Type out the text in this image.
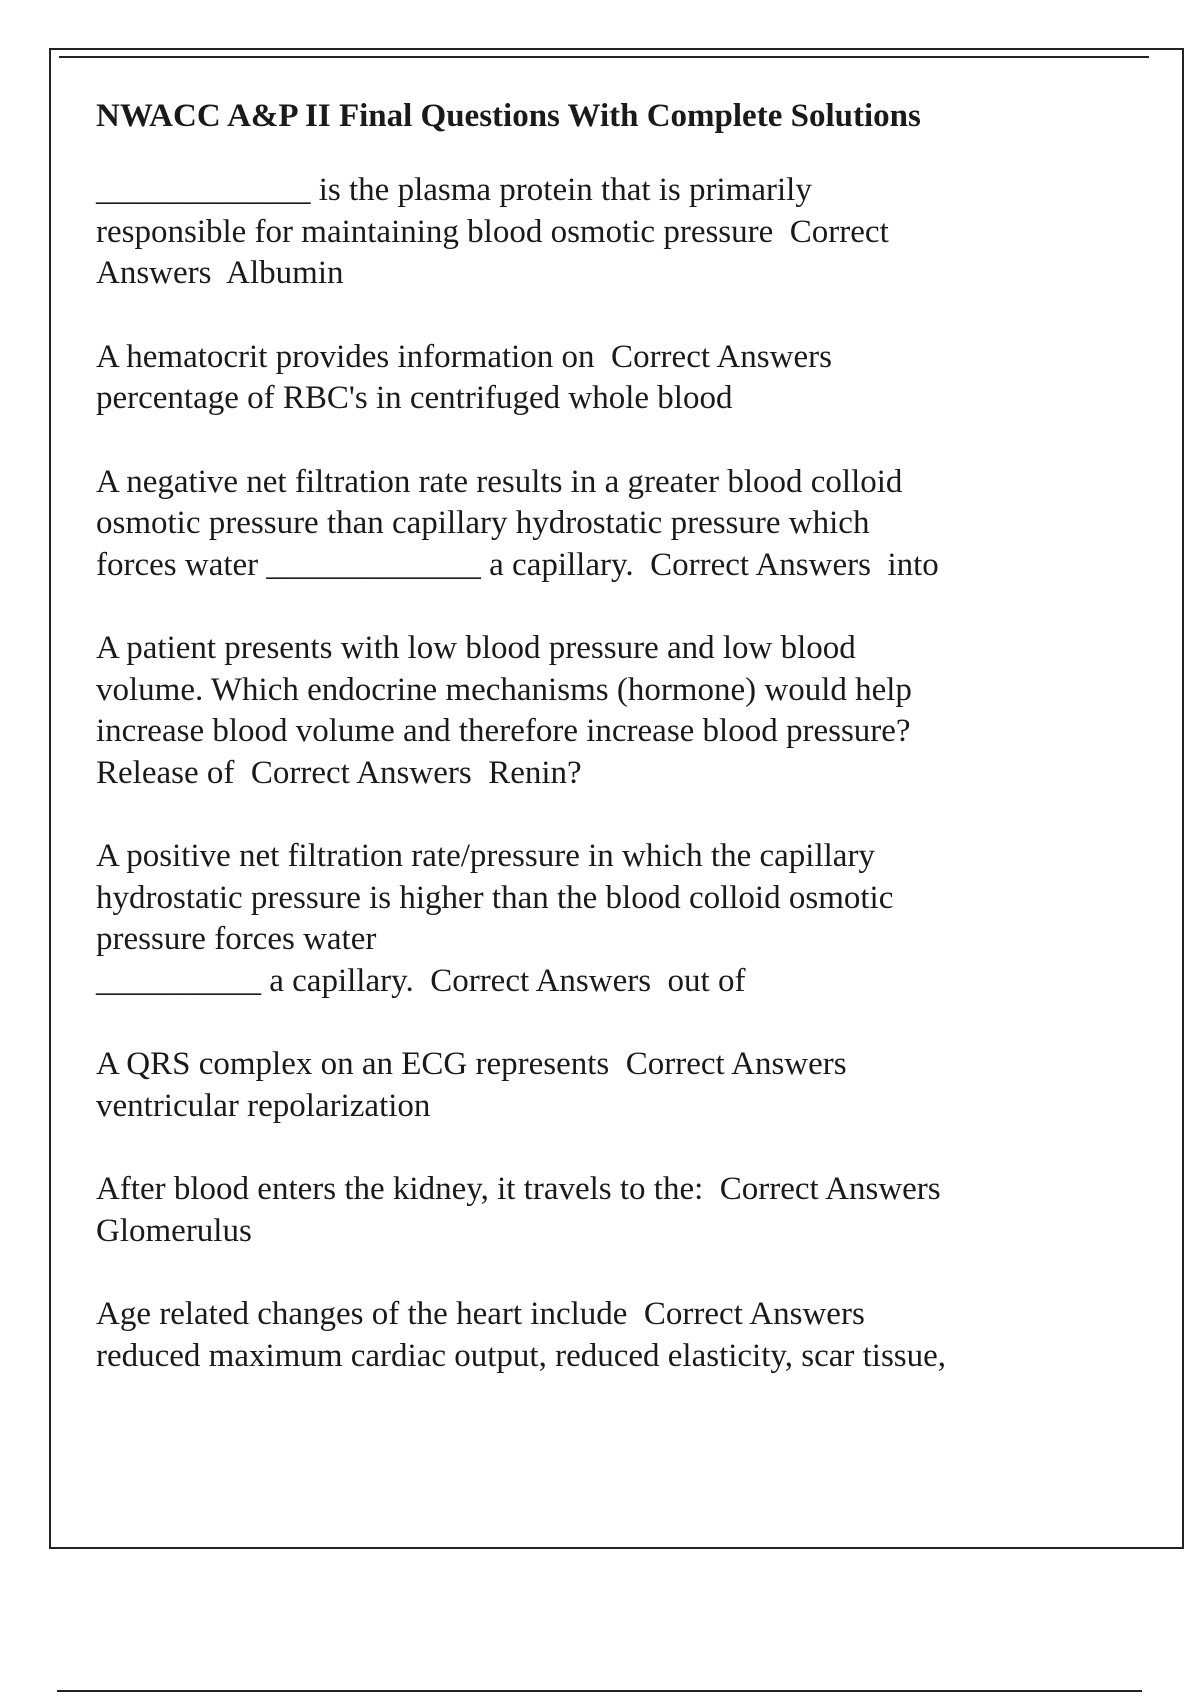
NWACC A&P II Final Questions With Complete Solutions
_____________ is the plasma protein that is primarily
responsible for maintaining blood osmotic pressure  Correct
Answers  Albumin
A hematocrit provides information on  Correct Answers
percentage of RBC's in centrifuged whole blood
A negative net filtration rate results in a greater blood colloid
osmotic pressure than capillary hydrostatic pressure which
forces water _____________ a capillary.  Correct Answers  into
A patient presents with low blood pressure and low blood
volume. Which endocrine mechanisms (hormone) would help
increase blood volume and therefore increase blood pressure?
Release of  Correct Answers  Renin?
A positive net filtration rate/pressure in which the capillary
hydrostatic pressure is higher than the blood colloid osmotic
pressure forces water
__________ a capillary.  Correct Answers  out of
A QRS complex on an ECG represents  Correct Answers
ventricular repolarization
After blood enters the kidney, it travels to the:  Correct Answers
Glomerulus
Age related changes of the heart include  Correct Answers
reduced maximum cardiac output, reduced elasticity, scar tissue,
